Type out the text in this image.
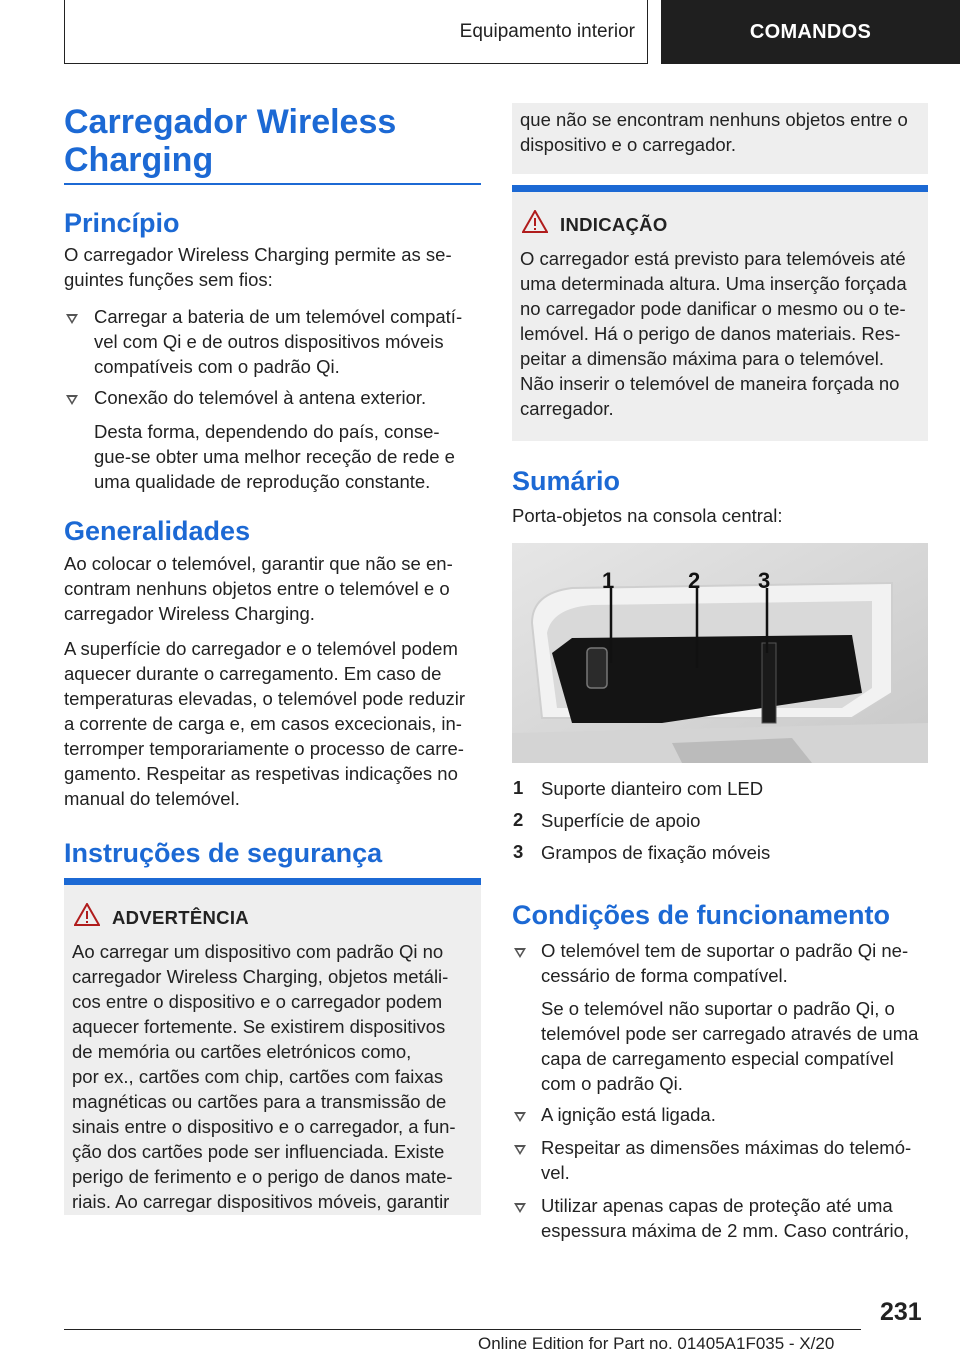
Equipamento interior	COMANDOS
Carregador Wireless
Charging
Princípio
O carregador Wireless Charging permite as se-
guintes funções sem fios:
Carregar a bateria de um telemóvel compatí-
vel com Qi e de outros dispositivos móveis
compatíveis com o padrão Qi.
Conexão do telemóvel à antena exterior.
Desta forma, dependendo do país, conse-
gue-se obter uma melhor receção de rede e
uma qualidade de reprodução constante.
Generalidades
Ao colocar o telemóvel, garantir que não se en-
contram nenhuns objetos entre o telemóvel e o
carregador Wireless Charging.
A superfície do carregador e o telemóvel podem
aquecer durante o carregamento. Em caso de
temperaturas elevadas, o telemóvel pode reduzir
a corrente de carga e, em casos excecionais, in-
terromper temporariamente o processo de carre-
gamento. Respeitar as respetivas indicações no
manual do telemóvel.
Instruções de segurança
ADVERTÊNCIA
Ao carregar um dispositivo com padrão Qi no
carregador Wireless Charging, objetos metáli-
cos entre o dispositivo e o carregador podem
aquecer fortemente. Se existirem dispositivos
de memória ou cartões eletrónicos como,
por ex., cartões com chip, cartões com faixas
magnéticas ou cartões para a transmissão de
sinais entre o dispositivo e o carregador, a fun-
ção dos cartões pode ser influenciada. Existe
perigo de ferimento e o perigo de danos mate-
riais. Ao carregar dispositivos móveis, garantir
que não se encontram nenhuns objetos entre o
dispositivo e o carregador.
INDICAÇÃO
O carregador está previsto para telemóveis até
uma determinada altura. Uma inserção forçada
no carregador pode danificar o mesmo ou o te-
lemóvel. Há o perigo de danos materiais. Res-
peitar a dimensão máxima para o telemóvel.
Não inserir o telemóvel de maneira forçada no
carregador.
Sumário
Porta-objetos na consola central:
1	2	3
1 Suporte dianteiro com LED
2 Superfície de apoio
3 Grampos de fixação móveis
Condições de funcionamento
O telemóvel tem de suportar o padrão Qi ne-
cessário de forma compatível.
Se o telemóvel não suportar o padrão Qi, o
telemóvel pode ser carregado através de uma
capa de carregamento especial compatível
com o padrão Qi.
A ignição está ligada.
Respeitar as dimensões máximas do telemó-
vel.
Utilizar apenas capas de proteção até uma
espessura máxima de 2 mm. Caso contrário,
231
Online Edition for Part no. 01405A1F035 - X/20
